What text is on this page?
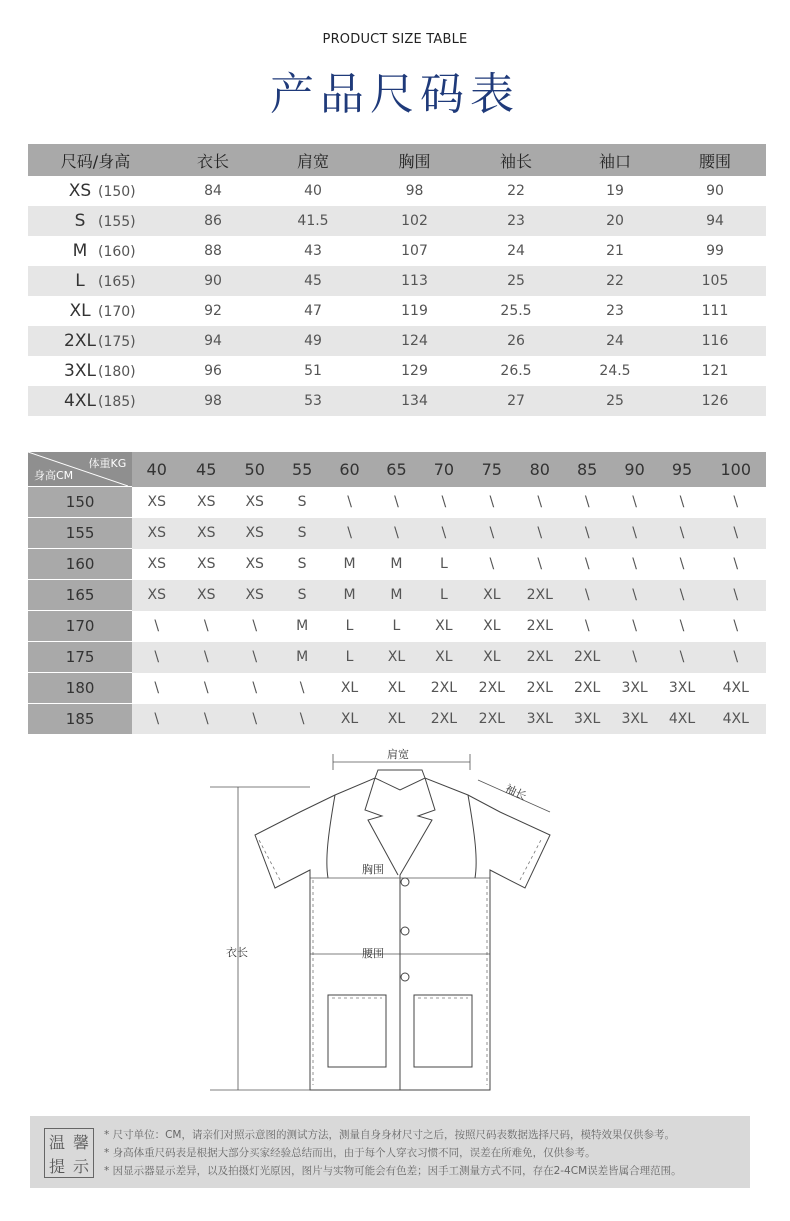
PRODUCT SIZE TABLE
产品尺码表
尺码/身高	衣长	肩宽	胸围	袖长	袖口	腰围
XS (150)	84	40	98	22	19	90
S (155)	86	41.5	102	23	20	94
M (160)	88	43	107	24	21	99
L (165)	90	45	113	25	22	105
XL (170)	92	47	119	25.5	23	111
2XL (175)	94	49	124	26	24	116
3XL (180)	96	51	129	26.5	24.5	121
4XL (185)	98	53	134	27	25	126
体重KG
身高CM	40	45	50	55	60	65	70	75	80	85	90	95	100
150	XS	XS	XS	S	\	\	\	\	\	\	\	\	\
155	XS	XS	XS	S	\	\	\	\	\	\	\	\	\
160	XS	XS	XS	S	M	M	L	\	\	\	\	\	\
165	XS	XS	XS	S	M	M	L	XL	2XL	\	\	\	\
170	\	\	\	M	L	L	XL	XL	2XL	\	\	\	\
175	\	\	\	M	L	XL	XL	XL	2XL	2XL	\	\	\
180	\	\	\	\	XL	XL	2XL	2XL	2XL	2XL	3XL	3XL	4XL
185	\	\	\	\	XL	XL	2XL	2XL	3XL	3XL	3XL	4XL	4XL
肩宽
袖长
胸围
衣长	腰围
温 馨
提 示
* 尺寸单位：CM，请亲们对照示意图的测试方法，测量自身身材尺寸之后，按照尺码表数据选择尺码，模特效果仅供参考。
* 身高体重尺码表是根据大部分买家经验总结而出，由于每个人穿衣习惯不同，误差在所难免，仅供参考。
* 因显示器显示差异，以及拍摄灯光原因，图片与实物可能会有色差；因手工测量方式不同，存在2-4CM误差皆属合理范围。
